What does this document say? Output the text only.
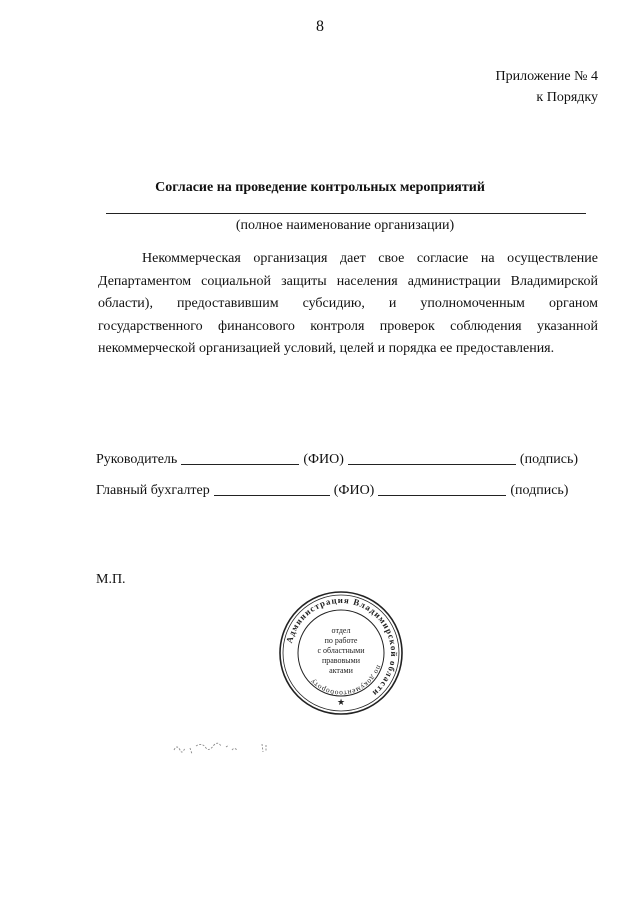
8
Приложение № 4
к Порядку
Согласие на проведение контрольных мероприятий
(полное наименование организации)
Некоммерческая организация дает свое согласие на осуществление Департаментом социальной защиты населения администрации Владимирской области), предоставившим субсидию, и уполномоченным органом государственного финансового контроля проверок соблюдения указанной некоммерческой организацией условий, целей и порядка ее предоставления.
Руководитель	(ФИО)	(подпись)
Главный бухгалтер	(ФИО)	(подпись)
М.П.
Администрация Владимирской области
по документообороту
отдел
по работе
с областными
правовыми
актами
★
